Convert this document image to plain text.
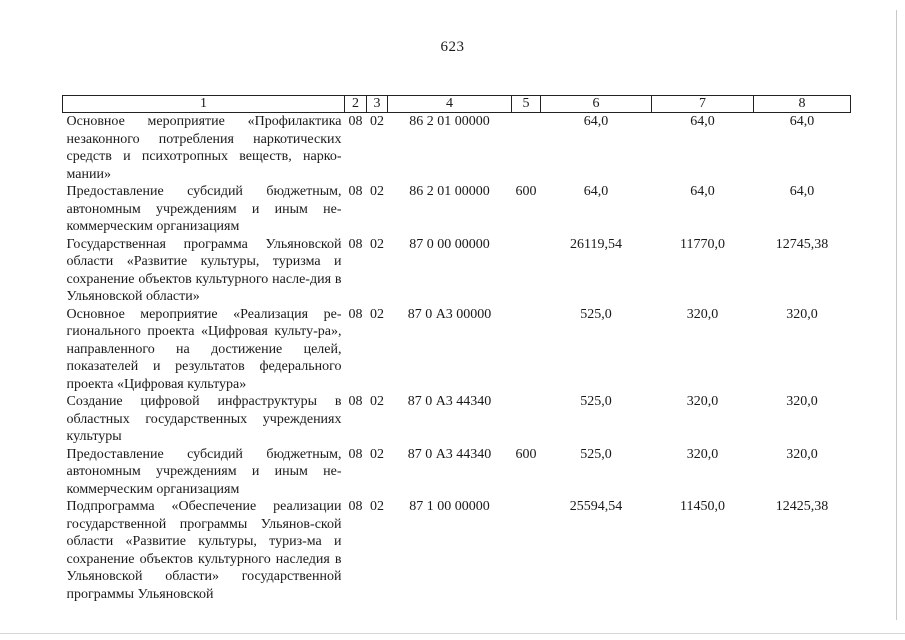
623
1	2	3	4	5	6	7	8
Основное мероприятие «Профилактика незаконного потребления наркотических средств и психотропных веществ, нарко-мании»	08	02	86 2 01 00000		64,0	64,0	64,0
Предоставление субсидий бюджетным, автономным учреждениям и иным не-коммерческим организациям	08	02	86 2 01 00000	600	64,0	64,0	64,0
Государственная программа Ульяновской области «Развитие культуры, туризма и сохранение объектов культурного насле-дия в Ульяновской области»	08	02	87 0 00 00000		26119,54	11770,0	12745,38
Основное мероприятие «Реализация ре-гионального проекта «Цифровая культу-ра», направленного на достижение целей, показателей и результатов федерального проекта «Цифровая культура»	08	02	87 0 А3 00000		525,0	320,0	320,0
Создание цифровой инфраструктуры в областных государственных учреждениях культуры	08	02	87 0 А3 44340		525,0	320,0	320,0
Предоставление субсидий бюджетным, автономным учреждениям и иным не-коммерческим организациям	08	02	87 0 А3 44340	600	525,0	320,0	320,0
Подпрограмма «Обеспечение реализации государственной программы Ульянов-ской области «Развитие культуры, туриз-ма и сохранение объектов культурного наследия в Ульяновской области» государственной программы Ульяновской	08	02	87 1 00 00000		25594,54	11450,0	12425,38
